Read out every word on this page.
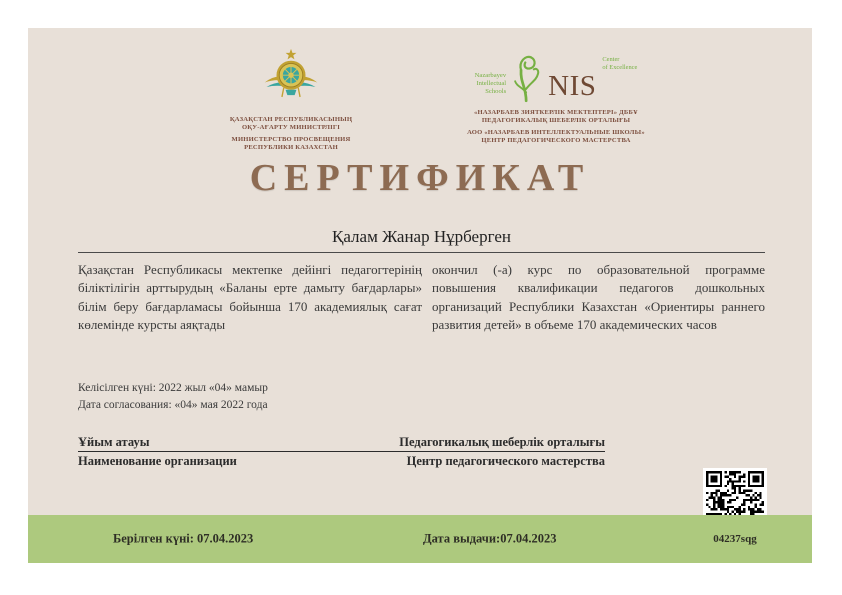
ҚАЗАҚСТАН РЕСПУБЛИКАСЫНЫҢ
ОҚУ-АҒАРТУ МИНИСТРЛІГІ
МИНИСТЕРСТВО ПРОСВЕЩЕНИЯ
РЕСПУБЛИКИ КАЗАХСТАН
Nazarbayev
Intellectual
Schools NIS
Center
of Excellence
«НАЗАРБАЕВ ЗИЯТКЕРЛІК МЕКТЕПТЕРІ» ДББҰ
ПЕДАГОГИКАЛЫҚ ШЕБЕРЛІК ОРТАЛЫҒЫ
АОО «НАЗАРБАЕВ ИНТЕЛЛЕКТУАЛЬНЫЕ ШКОЛЫ»
ЦЕНТР ПЕДАГОГИЧЕСКОГО МАСТЕРСТВА
СЕРТИФИКАТ
Қалам Жанар Нұрберген
Қазақстан Республикасы мектепке дейінгі педагогтерінің біліктілігін арттырудың «Баланы ерте дамыту бағдарлары» білім беру бағдарламасы бойынша 170 академиялық сағат көлемінде курсты аяқтады
окончил (-а) курс по образовательной программе повышения квалификации педагогов дошкольных организаций Республики Казахстан «Ориентиры раннего развития детей» в объеме 170 академических часов
Келісілген күні: 2022 жыл «04» мамыр
Дата согласования: «04» мая 2022 года
Ұйым атауы	Педагогикалық шеберлік орталығы
Наименование организации	Центр педагогического мастерства
Берілген күні: 07.04.2023	Дата выдачи:07.04.2023	04237sqg
